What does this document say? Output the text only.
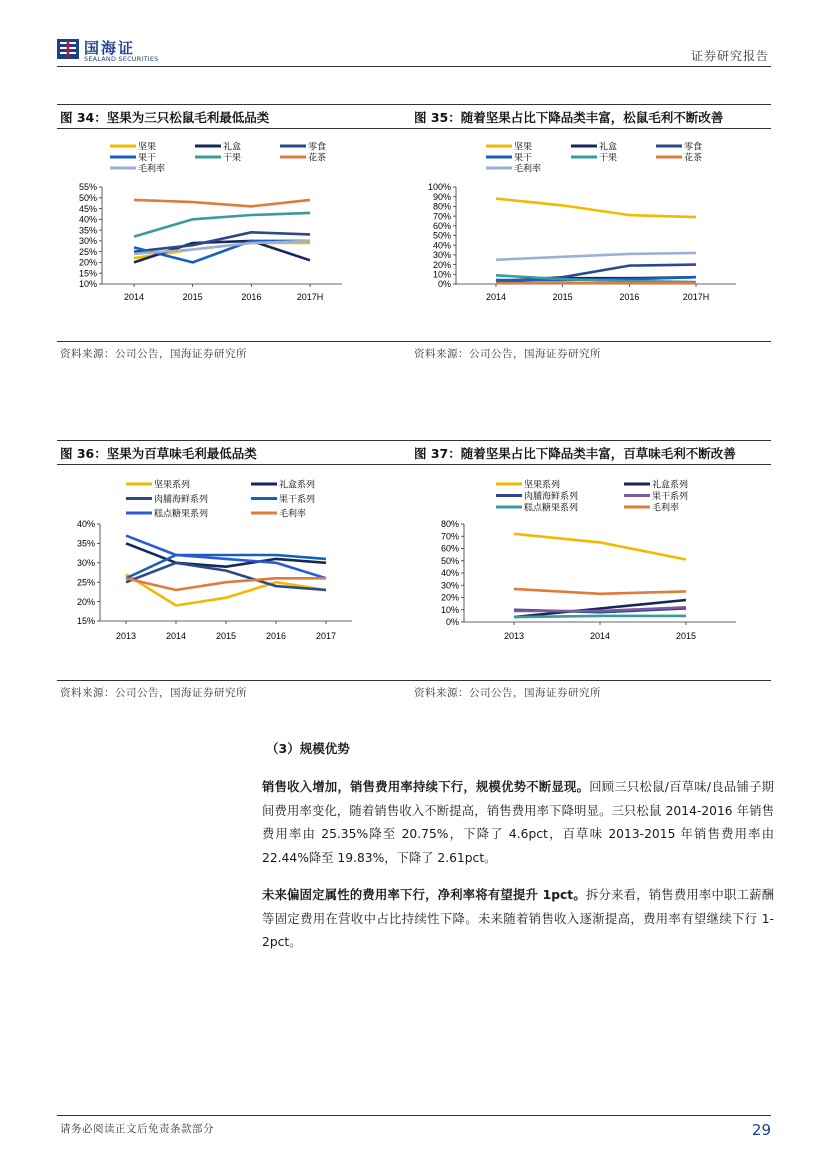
国海证
SEALAND SECURITIES	证券研究报告
图 34：坚果为三只松鼠毛利最低品类	图 35：随着坚果占比下降品类丰富，松鼠毛利不断改善
坚果	礼盒	零食
果干	干果	花茶
毛利率
10%
15%
20%
25%
30%
35%
40%
45%
50%
55%
2014	2015	2016	2017H
坚果	礼盒	零食
果干	干果	花茶
毛利率
0%
10%
20%
30%
40%
50%
60%
70%
80%
90%
100%
2014	2015	2016	2017H
资料来源：公司公告，国海证券研究所	资料来源：公司公告，国海证券研究所
图 36：坚果为百草味毛利最低品类	图 37：随着坚果占比下降品类丰富，百草味毛利不断改善
坚果系列	礼盒系列
肉脯海鲜系列	果干系列
糕点糖果系列	毛利率
15%
20%
25%
30%
35%
40%
2013	2014	2015	2016	2017
坚果系列	礼盒系列
肉脯海鲜系列	果干系列
糕点糖果系列	毛利率
0%
10%
20%
30%
40%
50%
60%
70%
80%
2013	2014	2015
资料来源：公司公告，国海证券研究所	资料来源：公司公告，国海证券研究所
（3）规模优势
销售收入增加，销售费用率持续下行，规模优势不断显现。回顾三只松鼠/百草味/良品铺子期间费用率变化，随着销售收入不断提高，销售费用率下降明显。三只松鼠 2014-2016 年销售费用率由 25.35%降至 20.75%，下降了 4.6pct，百草味 2013-2015 年销售费用率由 22.44%降至 19.83%，下降了 2.61pct。
未来偏固定属性的费用率下行，净利率将有望提升 1pct。拆分来看，销售费用率中职工薪酬等固定费用在营收中占比持续性下降。未来随着销售收入逐渐提高，费用率有望继续下行 1-2pct。
请务必阅读正文后免责条款部分	29
